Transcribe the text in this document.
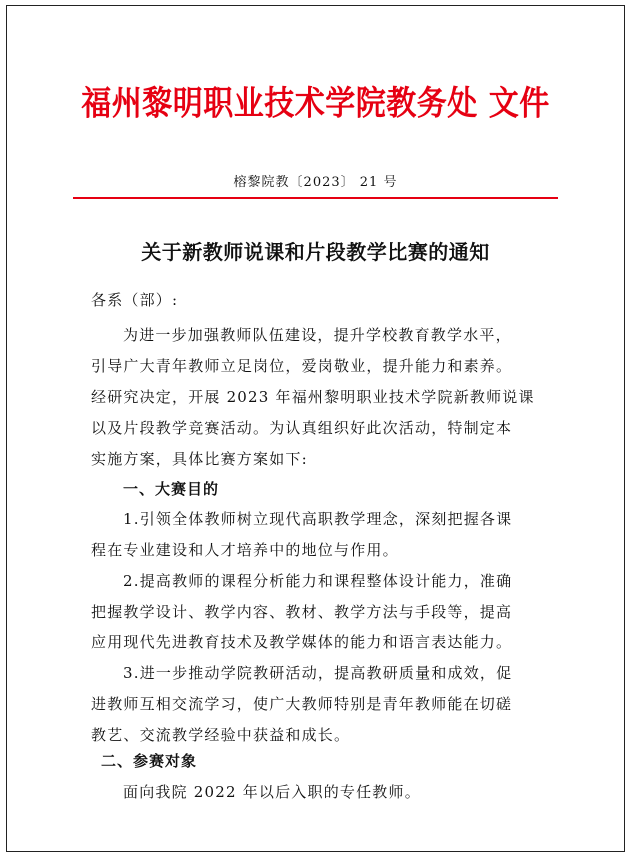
福州黎明职业技术学院教务处 文件
榕黎院教〔2023〕 21 号
关于新教师说课和片段教学比赛的通知
各系（部）:
为进一步加强教师队伍建设，提升学校教育教学水平，
引导广大青年教师立足岗位，爱岗敬业，提升能力和素养。
经研究决定，开展 2023 年福州黎明职业技术学院新教师说课
以及片段教学竞赛活动。为认真组织好此次活动，特制定本
实施方案，具体比赛方案如下:
一、大赛目的
1.引领全体教师树立现代高职教学理念，深刻把握各课
程在专业建设和人才培养中的地位与作用。
2.提高教师的课程分析能力和课程整体设计能力，准确
把握教学设计、教学内容、教材、教学方法与手段等，提高
应用现代先进教育技术及教学媒体的能力和语言表达能力。
3.进一步推动学院教研活动，提高教研质量和成效，促
进教师互相交流学习，使广大教师特别是青年教师能在切磋
教艺、交流教学经验中获益和成长。
二、参赛对象
面向我院 2022 年以后入职的专任教师。
